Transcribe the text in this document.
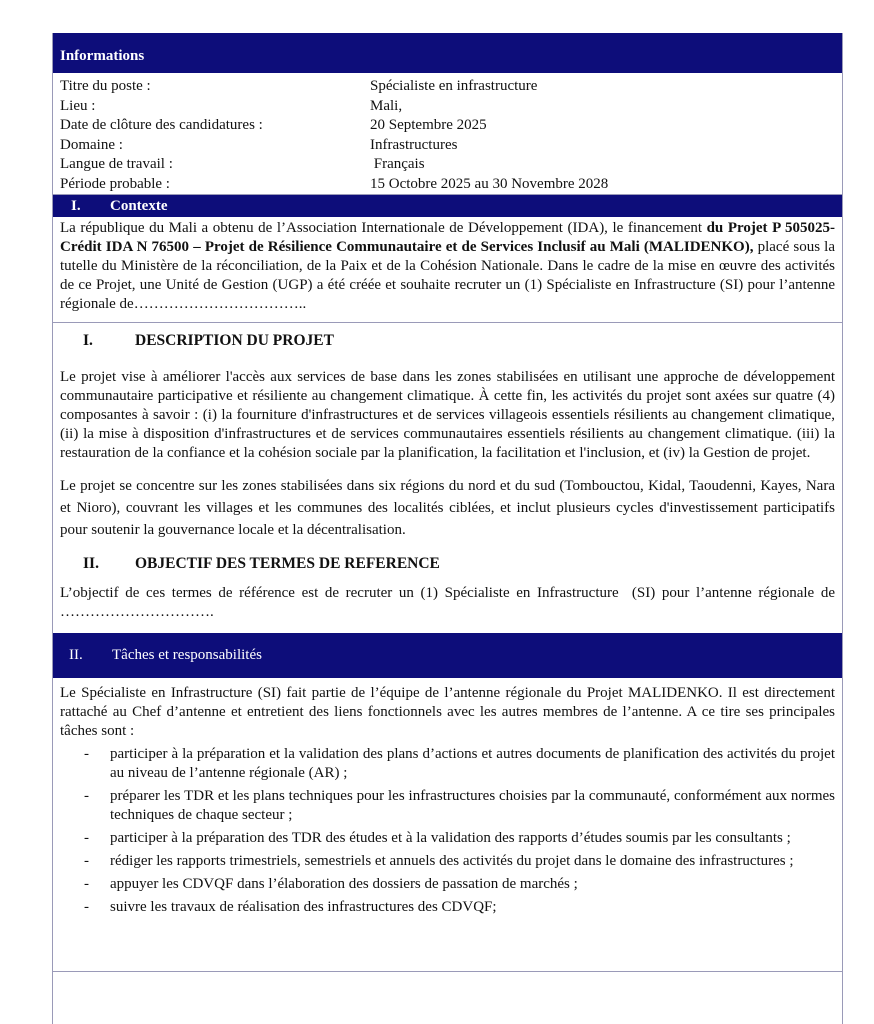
Informations
Titre du poste :	Spécialiste en infrastructure
Lieu :	Mali,
Date de clôture des candidatures :	20 Septembre 2025
Domaine :	Infrastructures
Langue de travail :	Français
Période probable :	15 Octobre 2025 au 30 Novembre 2028
I. Contexte
La république du Mali a obtenu de l’Association Internationale de Développement (IDA), le financement du Projet P 505025- Crédit IDA N 76500 – Projet de Résilience Communautaire et de Services Inclusif au Mali (MALIDENKO), placé sous la tutelle du Ministère de la réconciliation, de la Paix et de la Cohésion Nationale. Dans le cadre de la mise en œuvre des activités de ce Projet, une Unité de Gestion (UGP) a été créée et souhaite recruter un (1) Spécialiste en Infrastructure (SI) pour l’antenne régionale de……………………………..
I.	DESCRIPTION DU PROJET
Le projet vise à améliorer l'accès aux services de base dans les zones stabilisées en utilisant une approche de développement communautaire participative et résiliente au changement climatique. À cette fin, les activités du projet sont axées sur quatre (4) composantes à savoir : (i) la fourniture d'infrastructures et de services villageois essentiels résilients au changement climatique, (ii) la mise à disposition d'infrastructures et de services communautaires essentiels résilients au changement climatique. (iii) la restauration de la confiance et la cohésion sociale par la planification, la facilitation et l'inclusion, et (iv) la Gestion de projet.
Le projet se concentre sur les zones stabilisées dans six régions du nord et du sud (Tombouctou, Kidal, Taoudenni, Kayes, Nara et Nioro), couvrant les villages et les communes des localités ciblées, et inclut plusieurs cycles d'investissement participatifs pour soutenir la gouvernance locale et la décentralisation.
II. OBJECTIF DES TERMES DE REFERENCE
L’objectif de ces termes de référence est de recruter un (1) Spécialiste en Infrastructure  (SI) pour l’antenne régionale de ………………………….
II. Tâches et responsabilités
Le Spécialiste en Infrastructure (SI) fait partie de l’équipe de l’antenne régionale du Projet MALIDENKO. Il est directement rattaché au Chef d’antenne et entretient des liens fonctionnels avec les autres membres de l’antenne. A ce tire ses principales tâches sont :
- participer à la préparation et la validation des plans d’actions et autres documents de planification des activités du projet au niveau de l’antenne régionale (AR) ;
- préparer les TDR et les plans techniques pour les infrastructures choisies par la communauté, conformément aux normes techniques de chaque secteur ;
- participer à la préparation des TDR des études et à la validation des rapports d’études soumis par les consultants ;
- rédiger les rapports trimestriels, semestriels et annuels des activités du projet dans le domaine des infrastructures ;
- appuyer les CDVQF dans l’élaboration des dossiers de passation de marchés ;
- suivre les travaux de réalisation des infrastructures des CDVQF;
